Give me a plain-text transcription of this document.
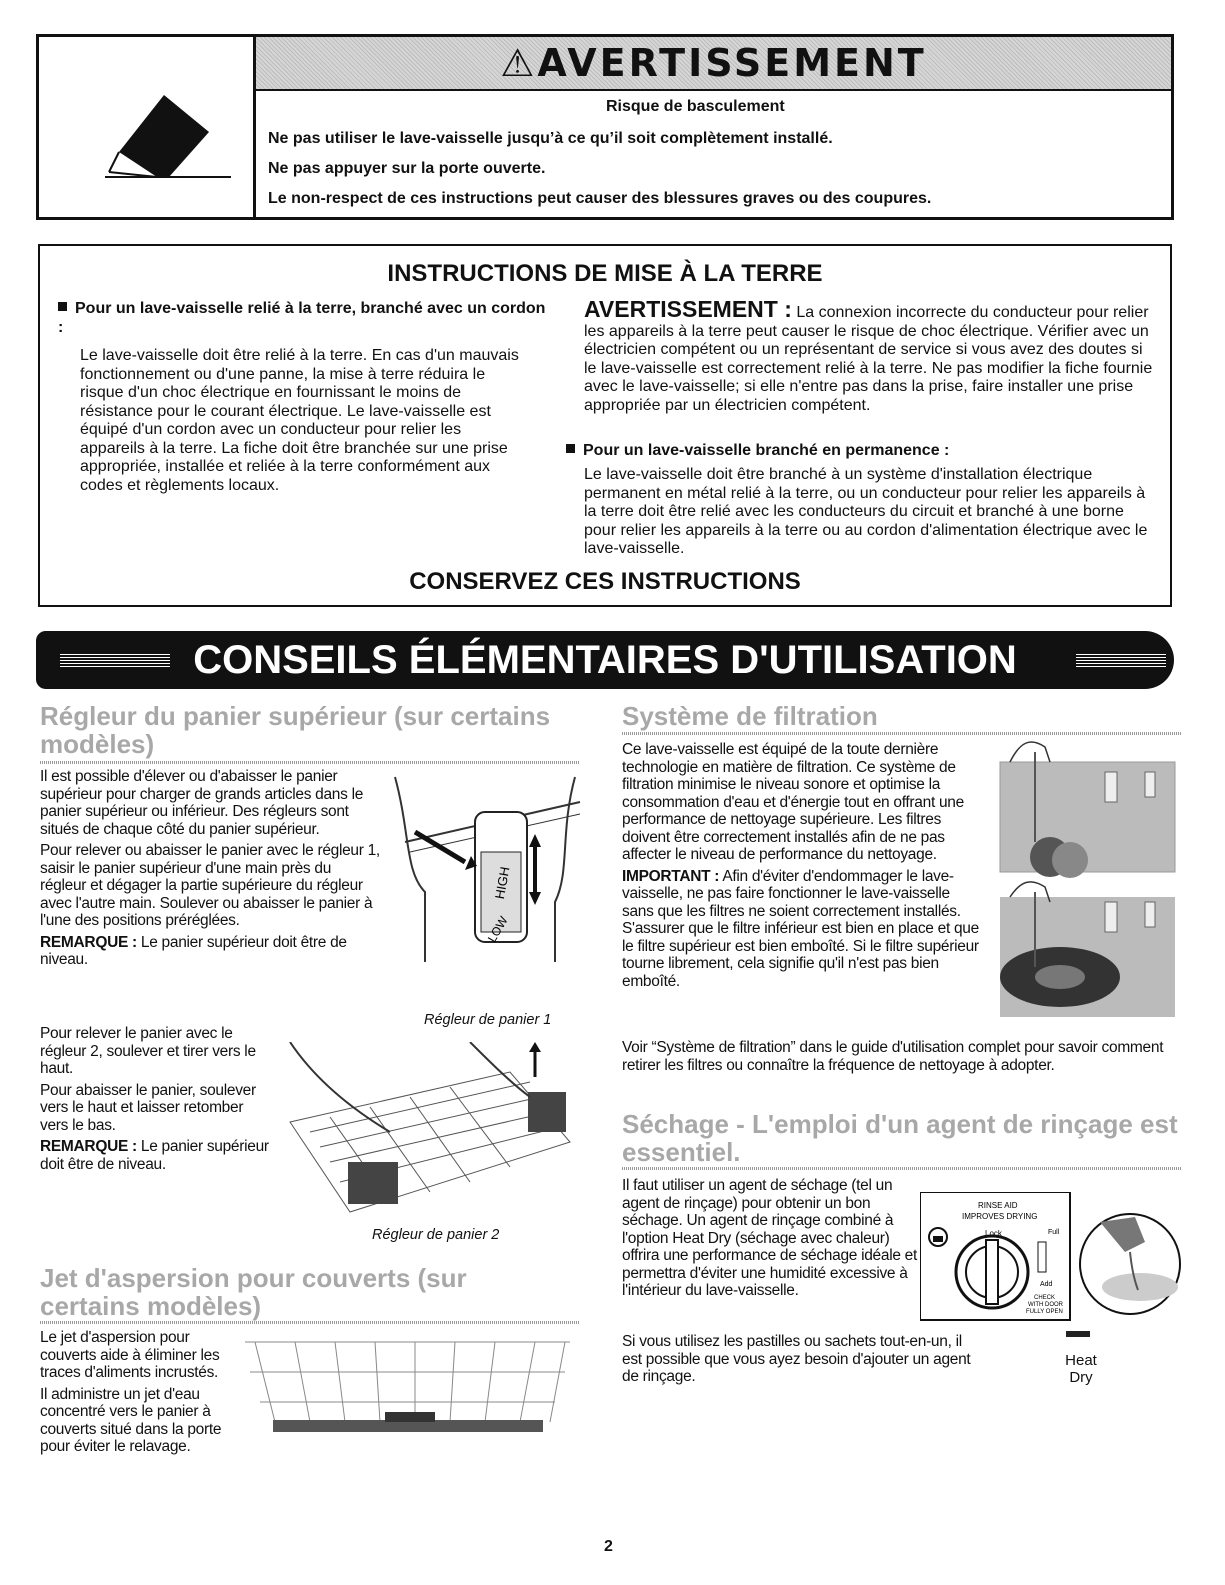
⚠AVERTISSEMENT
Risque de basculement
Ne pas utiliser le lave-vaisselle jusqu’à ce qu’il soit complètement installé.
Ne pas appuyer sur la porte ouverte.
Le non-respect de ces instructions peut causer des blessures graves ou des coupures.
INSTRUCTIONS DE MISE À LA TERRE
Pour un lave-vaisselle relié à la terre, branché avec un cordon :
Le lave-vaisselle doit être relié à la terre. En cas d'un mauvais fonctionnement ou d'une panne, la mise à terre réduira le risque d'un choc électrique en fournissant le moins de résistance pour le courant électrique. Le lave-vaisselle est équipé d'un cordon avec un conducteur pour relier les appareils à la terre. La fiche doit être branchée sur une prise appropriée, installée et reliée à la terre conformément aux codes et règlements locaux.
AVERTISSEMENT : La connexion incorrecte du conducteur pour relier les appareils à la terre peut causer le risque de choc électrique. Vérifier avec un électricien compétent ou un représentant de service si vous avez des doutes si le lave-vaisselle est correctement relié à la terre. Ne pas modifier la fiche fournie avec le lave-vaisselle; si elle n'entre pas dans la prise, faire installer une prise appropriée par un électricien compétent.
Pour un lave-vaisselle branché en permanence :
Le lave-vaisselle doit être branché à un système d'installation électrique permanent en métal relié à la terre, ou un conducteur pour relier les appareils à la terre doit être relié avec les conducteurs du circuit et branché à une borne pour relier les appareils à la terre ou au cordon d'alimentation électrique avec le lave-vaisselle.
CONSERVEZ CES INSTRUCTIONS
CONSEILS ÉLÉMENTAIRES D'UTILISATION
Régleur du panier supérieur (sur certains modèles)

Il est possible d'élever ou d'abaisser le panier supérieur pour charger de grands articles dans le panier supérieur ou inférieur. Des régleurs sont situés de chaque côté du panier supérieur.

Pour relever ou abaisser le panier avec le régleur 1, saisir le panier supérieur d'une main près du régleur et dégager la partie supérieure du régleur avec l'autre main. Soulever ou abaisser le panier à l'une des positions préréglées.

REMARQUE : Le panier supérieur doit être de niveau.

Pour relever le panier avec le régleur 2, soulever et tirer vers le haut.

Pour abaisser le panier, soulever vers le haut et laisser retomber vers le bas.

REMARQUE : Le panier supérieur doit être de niveau.

HIGH
LOW
Régleur de panier 1
Régleur de panier 2
Jet d'aspersion pour couverts (sur certains modèles)

Le jet d'aspersion pour couverts aide à éliminer les traces d'aliments incrustés.

Il administre un jet d'eau concentré vers le panier à couverts situé dans la porte pour éviter le relavage.

Système de filtration

Ce lave-vaisselle est équipé de la toute dernière technologie en matière de filtration. Ce système de filtration minimise le niveau sonore et optimise la consommation d'eau et d'énergie tout en offrant une performance de nettoyage supérieure. Les filtres doivent être correctement installés afin de ne pas affecter le niveau de performance du nettoyage.

IMPORTANT : Afin d'éviter d'endommager le lave-vaisselle, ne pas faire fonctionner le lave-vaisselle sans que les filtres ne soient correctement installés. S'assurer que le filtre inférieur est bien en place et que le filtre supérieur est bien emboîté. Si le filtre supérieur tourne librement, cela signifie qu'il n'est pas bien emboîté.

Voir “Système de filtration” dans le guide d'utilisation complet pour savoir comment retirer les filtres ou connaître la fréquence de nettoyage à adopter.

Séchage - L'emploi d'un agent de rinçage est essentiel.

Il faut utiliser un agent de séchage (tel un agent de rinçage) pour obtenir un bon séchage. Un agent de rinçage combiné à l'option Heat Dry (séchage avec chaleur) offrira une performance de séchage idéale et permettra d'éviter une humidité excessive à l'intérieur du lave-vaisselle.

Si vous utilisez les pastilles ou sachets tout-en-un, il est possible que vous ayez besoin d'ajouter un agent de rinçage.

RINSE AID
IMPROVES DRYING
Lock	Full
Add
CHECK
WITH DOOR
FULLY OPEN
Heat
Dry
2
